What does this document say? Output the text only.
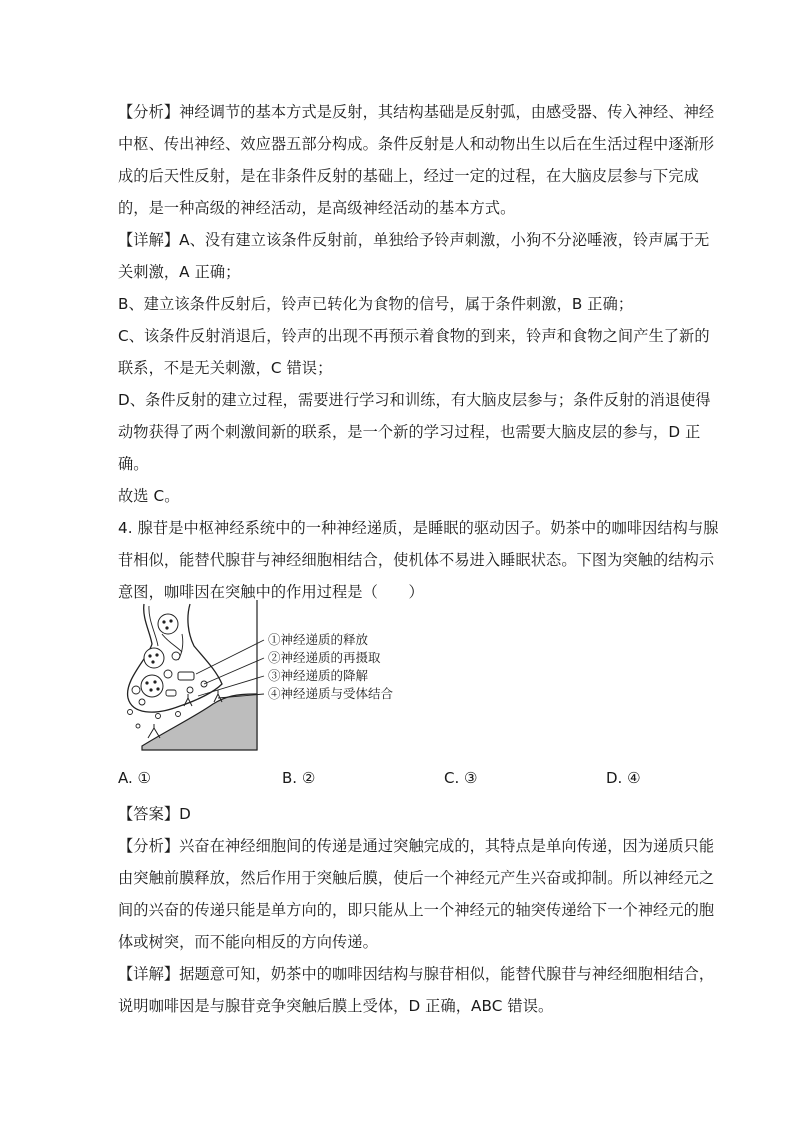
【分析】神经调节的基本方式是反射，其结构基础是反射弧，由感受器、传入神经、神经
中枢、传出神经、效应器五部分构成。条件反射是人和动物出生以后在生活过程中逐渐形
成的后天性反射，是在非条件反射的基础上，经过一定的过程，在大脑皮层参与下完成
的，是一种高级的神经活动，是高级神经活动的基本方式。
【详解】A、没有建立该条件反射前，单独给予铃声刺激，小狗不分泌唾液，铃声属于无
关刺激，A 正确；
B、建立该条件反射后，铃声已转化为食物的信号，属于条件刺激，B 正确；
C、该条件反射消退后，铃声的出现不再预示着食物的到来，铃声和食物之间产生了新的
联系，不是无关刺激，C 错误；
D、条件反射的建立过程，需要进行学习和训练，有大脑皮层参与；条件反射的消退使得
动物获得了两个刺激间新的联系，是一个新的学习过程，也需要大脑皮层的参与，D 正
确。
故选 C。
4. 腺苷是中枢神经系统中的一种神经递质，是睡眠的驱动因子。奶茶中的咖啡因结构与腺
苷相似，能替代腺苷与神经细胞相结合，使机体不易进入睡眠状态。下图为突触的结构示
意图，咖啡因在突触中的作用过程是（　　）
①神经递质的释放
②神经递质的再摄取
③神经递质的降解
④神经递质与受体结合
A. ①	B. ②	C. ③	D. ④
【答案】D
【分析】兴奋在神经细胞间的传递是通过突触完成的，其特点是单向传递，因为递质只能
由突触前膜释放，然后作用于突触后膜，使后一个神经元产生兴奋或抑制。所以神经元之
间的兴奋的传递只能是单方向的，即只能从上一个神经元的轴突传递给下一个神经元的胞
体或树突，而不能向相反的方向传递。
【详解】据题意可知，奶茶中的咖啡因结构与腺苷相似，能替代腺苷与神经细胞相结合，
说明咖啡因是与腺苷竞争突触后膜上受体，D 正确，ABC 错误。
